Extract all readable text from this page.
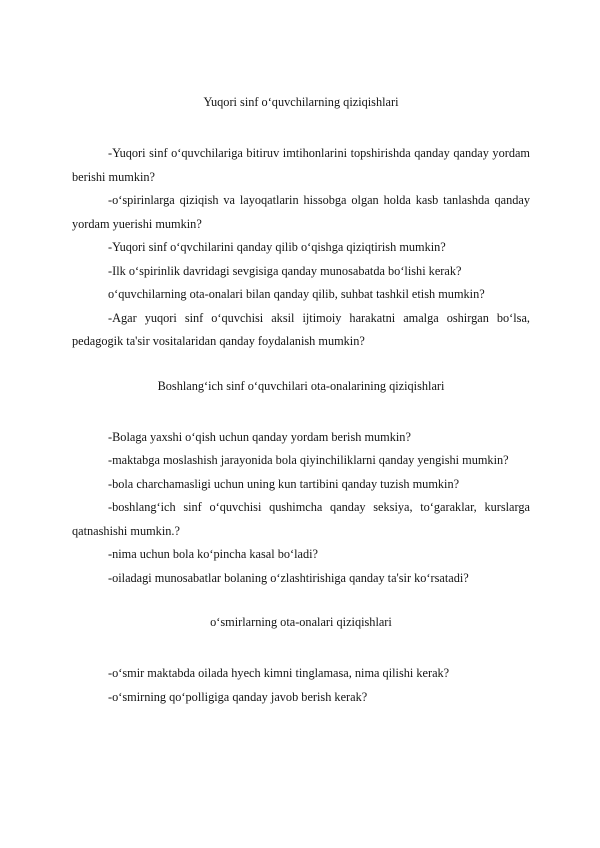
Yuqori sinf o‘quvchilarning qiziqishlari

-Yuqori sinf o‘quvchilariga bitiruv imtihonlarini topshirishda qanday qanday yordam berishi mumkin?

-o‘spirinlarga qiziqish va layoqatlarin hissobga olgan holda kasb tanlashda qanday yordam yuerishi mumkin?

-Yuqori sinf o‘qvchilarini qanday qilib o‘qishga qiziqtirish mumkin?

-Ilk o‘spirinlik davridagi sevgisiga qanday munosabatda bo‘lishi kerak?

o‘quvchilarning ota-onalari bilan qanday qilib, suhbat tashkil etish mumkin?

-Agar yuqori sinf o‘quvchisi aksil ijtimoiy harakatni amalga oshirgan bo‘lsa, pedagogik ta'sir vositalaridan qanday foydalanish mumkin?

Boshlang‘ich sinf o‘quvchilari ota-onalarining qiziqishlari

-Bolaga yaxshi o‘qish uchun qanday yordam berish mumkin?

-maktabga moslashish jarayonida bola qiyinchiliklarni qanday yengishi mumkin?

-bola charchamasligi uchun uning kun tartibini qanday tuzish mumkin?

-boshlang‘ich sinf o‘quvchisi qushimcha qanday seksiya, to‘garaklar, kurslarga qatnashishi mumkin.?

-nima uchun bola ko‘pincha kasal bo‘ladi?

-oiladagi munosabatlar bolaning o‘zlashtirishiga qanday ta'sir ko‘rsatadi?

o‘smirlarning ota-onalari qiziqishlari

-o‘smir maktabda oilada hyech kimni tinglamasa, nima qilishi kerak?

-o‘smirning qo‘polligiga qanday javob berish kerak?
